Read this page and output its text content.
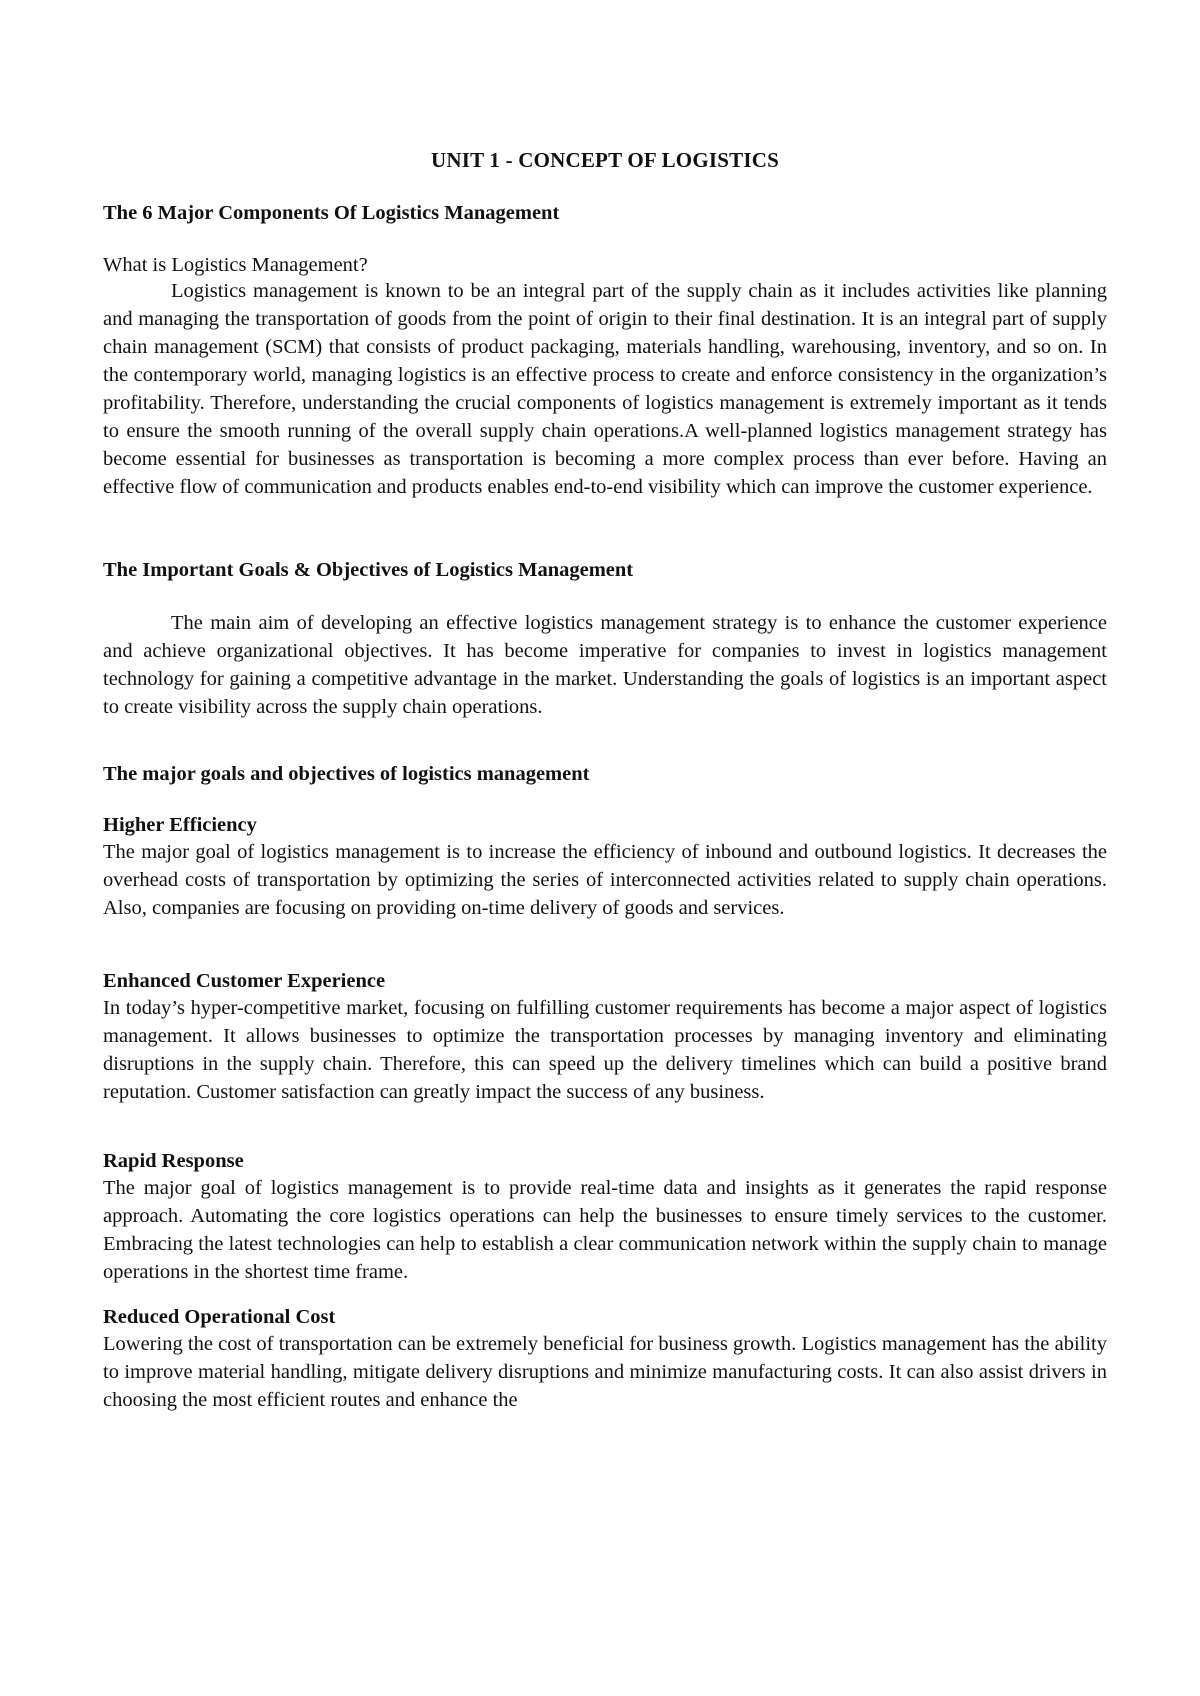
UNIT 1 - CONCEPT OF LOGISTICS
The 6 Major Components Of Logistics Management
What is Logistics Management?
Logistics management is known to be an integral part of the supply chain as it includes activities like planning and managing the transportation of goods from the point of origin to their final destination. It is an integral part of supply chain management (SCM) that consists of product packaging, materials handling, warehousing, inventory, and so on. In the contemporary world, managing logistics is an effective process to create and enforce consistency in the organization’s profitability. Therefore, understanding the crucial components of logistics management is extremely important as it tends to ensure the smooth running of the overall supply chain operations.A well-planned logistics management strategy has become essential for businesses as transportation is becoming a more complex process than ever before. Having an effective flow of communication and products enables end-to-end visibility which can improve the customer experience.
The Important Goals & Objectives of Logistics Management
The main aim of developing an effective logistics management strategy is to enhance the customer experience and achieve organizational objectives. It has become imperative for companies to invest in logistics management technology for gaining a competitive advantage in the market. Understanding the goals of logistics is an important aspect to create visibility across the supply chain operations.
The major goals and objectives of logistics management
Higher Efficiency
The major goal of logistics management is to increase the efficiency of inbound and outbound logistics. It decreases the overhead costs of transportation by optimizing the series of interconnected activities related to supply chain operations. Also, companies are focusing on providing on-time delivery of goods and services.
Enhanced Customer Experience
In today’s hyper-competitive market, focusing on fulfilling customer requirements has become a major aspect of logistics management. It allows businesses to optimize the transportation processes by managing inventory and eliminating disruptions in the supply chain. Therefore, this can speed up the delivery timelines which can build a positive brand reputation. Customer satisfaction can greatly impact the success of any business.
Rapid Response
The major goal of logistics management is to provide real-time data and insights as it generates the rapid response approach. Automating the core logistics operations can help the businesses to ensure timely services to the customer. Embracing the latest technologies can help to establish a clear communication network within the supply chain to manage operations in the shortest time frame.
Reduced Operational Cost
Lowering the cost of transportation can be extremely beneficial for business growth. Logistics management has the ability to improve material handling, mitigate delivery disruptions and minimize manufacturing costs. It can also assist drivers in choosing the most efficient routes and enhance the
